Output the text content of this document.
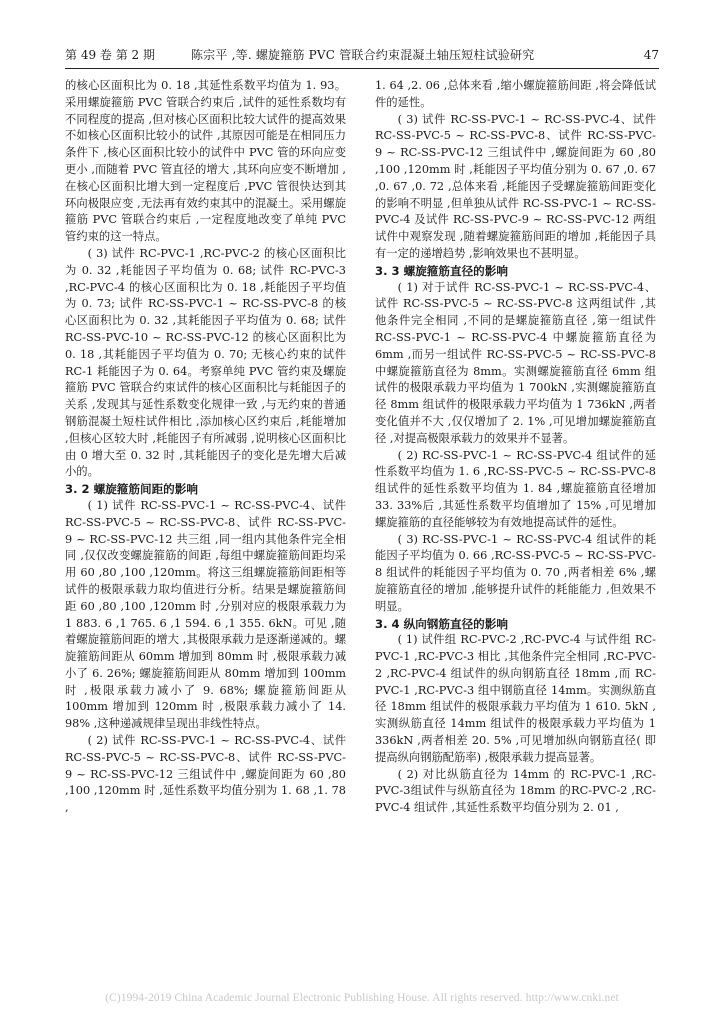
第 49 卷 第 2 期	陈宗平 ,等. 螺旋箍筋 PVC 管联合约束混凝土轴压短柱试验研究	47

的核心区面积比为 0. 18 ,其延性系数平均值为 1. 93。采用螺旋箍筋 PVC 管联合约束后 ,试件的延性系数均有不同程度的提高 ,但对核心区面积比较大试件的提高效果不如核心区面积比较小的试件 ,其原因可能是在相同压力条件下 ,核心区面积比较小的试件中 PVC 管的环向应变更小 ,而随着 PVC 管直径的增大 ,其环向应变不断增加 ,在核心区面积比增大到一定程度后 ,PVC 管很快达到其环向极限应变 ,无法再有效约束其中的混凝土。采用螺旋箍筋 PVC 管联合约束后 ,一定程度地改变了单纯 PVC 管约束的这一特点。

( 3) 试件 RC-PVC-1 ,RC-PVC-2 的核心区面积比为 0. 32 ,耗能因子平均值为 0. 68; 试件 RC-PVC-3 ,RC-PVC-4 的核心区面积比为 0. 18 ,耗能因子平均值为 0. 73; 试件 RC-SS-PVC-1 ~ RC-SS-PVC-8 的核心区面积比为 0. 32 ,其耗能因子平均值为 0. 68; 试件 RC-SS-PVC-10 ~ RC-SS-PVC-12 的核心区面积比为 0. 18 ,其耗能因子平均值为 0. 70; 无核心约束的试件 RC-1 耗能因子为 0. 64。考察单纯 PVC 管约束及螺旋箍筋 PVC 管联合约束试件的核心区面积比与耗能因子的关系 ,发现其与延性系数变化规律一致 ,与无约束的普通钢筋混凝土短柱试件相比 ,添加核心区约束后 ,耗能增加 ,但核心区较大时 ,耗能因子有所减弱 ,说明核心区面积比由 0 增大至 0. 32 时 ,其耗能因子的变化是先增大后减小的。

3. 2 螺旋箍筋间距的影响

( 1) 试件 RC-SS-PVC-1 ~ RC-SS-PVC-4、试件 RC-SS-PVC-5 ~ RC-SS-PVC-8、试件 RC-SS-PVC-9 ~ RC-SS-PVC-12 共三组 ,同一组内其他条件完全相同 ,仅仅改变螺旋箍筋的间距 ,每组中螺旋箍筋间距均采用 60 ,80 ,100 ,120mm。将这三组螺旋箍筋间距相等试件的极限承载力取均值进行分析。结果是螺旋箍筋间距 60 ,80 ,100 ,120mm 时 ,分别对应的极限承载力为 1 883. 6 ,1 765. 6 ,1 594. 6 ,1 355. 6kN。可见 ,随着螺旋箍筋间距的增大 ,其极限承载力是逐渐递减的。螺旋箍筋间距从 60mm 增加到 80mm 时 ,极限承载力减小了 6. 26%; 螺旋箍筋间距从 80mm 增加到 100mm 时 ,极限承载力减小了 9. 68%; 螺旋箍筋间距从 100mm 增加到 120mm 时 ,极限承载力减小了 14. 98% ,这种递减规律呈现出非线性特点。

( 2) 试件 RC-SS-PVC-1 ~ RC-SS-PVC-4、试件 RC-SS-PVC-5 ~ RC-SS-PVC-8、试件 RC-SS-PVC-9 ~ RC-SS-PVC-12 三组试件中 ,螺旋间距为 60 ,80 ,100 ,120mm 时 ,延性系数平均值分别为 1. 68 ,1. 78 ,

1. 64 ,2. 06 ,总体来看 ,缩小螺旋箍筋间距 ,将会降低试件的延性。

( 3) 试件 RC-SS-PVC-1 ~ RC-SS-PVC-4、试件 RC-SS-PVC-5 ~ RC-SS-PVC-8、试件 RC-SS-PVC-9 ~ RC-SS-PVC-12 三组试件中 ,螺旋间距为 60 ,80 ,100 ,120mm 时 ,耗能因子平均值分别为 0. 67 ,0. 67 ,0. 67 ,0. 72 ,总体来看 ,耗能因子受螺旋箍筋间距变化的影响不明显 ,但单独从试件 RC-SS-PVC-1 ~ RC-SS-PVC-4 及试件 RC-SS-PVC-9 ~ RC-SS-PVC-12 两组试件中观察发现 ,随着螺旋箍筋间距的增加 ,耗能因子具有一定的递增趋势 ,影响效果也不甚明显。

3. 3 螺旋箍筋直径的影响

( 1) 对于试件 RC-SS-PVC-1 ~ RC-SS-PVC-4、试件 RC-SS-PVC-5 ~ RC-SS-PVC-8 这两组试件 ,其他条件完全相同 ,不同的是螺旋箍筋直径 ,第一组试件 RC-SS-PVC-1 ~ RC-SS-PVC-4 中螺旋箍筋直径为 6mm ,而另一组试件 RC-SS-PVC-5 ~ RC-SS-PVC-8 中螺旋箍筋直径为 8mm。实测螺旋箍筋直径 6mm 组试件的极限承载力平均值为 1 700kN ,实测螺旋箍筋直径 8mm 组试件的极限承载力平均值为 1 736kN ,两者变化值并不大 ,仅仅增加了 2. 1% ,可见增加螺旋箍筋直径 ,对提高极限承载力的效果并不显著。

( 2) RC-SS-PVC-1 ~ RC-SS-PVC-4 组试件的延性系数平均值为 1. 6 ,RC-SS-PVC-5 ~ RC-SS-PVC-8 组试件的延性系数平均值为 1. 84 ,螺旋箍筋直径增加 33. 33%后 ,其延性系数平均值增加了 15% ,可见增加螺旋箍筋的直径能够较为有效地提高试件的延性。

( 3) RC-SS-PVC-1 ~ RC-SS-PVC-4 组试件的耗能因子平均值为 0. 66 ,RC-SS-PVC-5 ~ RC-SS-PVC-8 组试件的耗能因子平均值为 0. 70 ,两者相差 6% ,螺旋箍筋直径的增加 ,能够提升试件的耗能能力 ,但效果不明显。

3. 4 纵向钢筋直径的影响

( 1) 试件组 RC-PVC-2 ,RC-PVC-4 与试件组 RC-PVC-1 ,RC-PVC-3 相比 ,其他条件完全相同 ,RC-PVC-2 ,RC-PVC-4 组试件的纵向钢筋直径 18mm ,而 RC-PVC-1 ,RC-PVC-3 组中钢筋直径 14mm。实测纵筋直径 18mm 组试件的极限承载力平均值为 1 610. 5kN ,实测纵筋直径 14mm 组试件的极限承载力平均值为 1 336kN ,两者相差 20. 5% ,可见增加纵向钢筋直径( 即提高纵向钢筋配筋率) ,极限承载力提高显著。

( 2) 对比纵筋直径为 14mm 的 RC-PVC-1 ,RC-PVC-3组试件与纵筋直径为 18mm 的RC-PVC-2 ,RC-PVC-4 组试件 ,其延性系数平均值分别为 2. 01 ,

(C)1994-2019 China Academic Journal Electronic Publishing House. All rights reserved. http://www.cnki.net
